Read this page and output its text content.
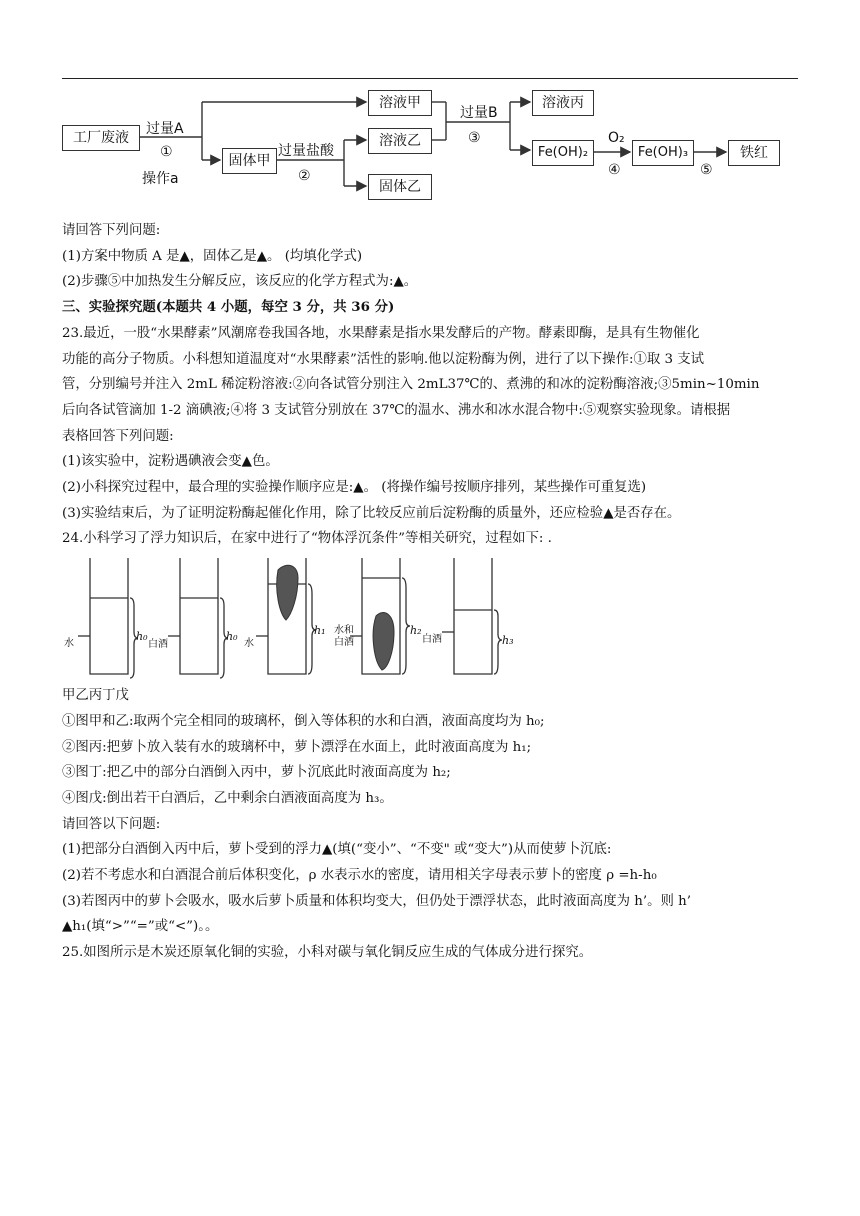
工厂废液
过量A
①
操作a
溶液甲
固体甲
过量盐酸
②
溶液乙
固体乙
过量B
③
溶液丙
Fe(OH)₂
O₂
④
Fe(OH)₃
⑤
铁红

请回答下列问题:

(1)方案中物质 A 是▲，固体乙是▲。 (均填化学式)

(2)步骤⑤中加热发生分解反应，该反应的化学方程式为:▲。

三、实验探究题(本题共 4 小题，每空 3 分，共 36 分)

23.最近，一股“水果酵素”风潮席卷我国各地，水果酵素是指水果发酵后的产物。酵素即酶，是具有生物催化

功能的高分子物质。小科想知道温度对“水果酵素”活性的影响.他以淀粉酶为例，进行了以下操作:①取 3 支试

管，分别编号并注入 2mL 稀淀粉溶液:②向各试管分别注入 2mL37℃的、煮沸的和冰的淀粉酶溶液;③5min~10min

后向各试管滴加 1-2 滴碘液;④将 3 支试管分别放在 37℃的温水、沸水和冰水混合物中:⑤观察实验现象。请根据

表格回答下列问题:

(1)该实验中，淀粉遇碘液会变▲色。

(2)小科探究过程中，最合理的实验操作顺序应是:▲。 (将操作编号按顺序排列，某些操作可重复选)

(3)实验结束后，为了证明淀粉酶起催化作用，除了比较反应前后淀粉酶的质量外，还应检验▲是否存在。

24.小科学习了浮力知识后，在家中进行了“物体浮沉条件”等相关研究，过程如下: .

水
h₀
白酒
h₀
水
h₁ 水和
白酒
h₂
白酒	h₃

甲乙丙丁戊

①图甲和乙:取两个完全相同的玻璃杯，倒入等体积的水和白酒，液面高度均为 h₀;

②图丙:把萝卜放入装有水的玻璃杯中，萝卜漂浮在水面上，此时液面高度为 h₁;

③图丁:把乙中的部分白酒倒入丙中，萝卜沉底此时液面高度为 h₂;

④图戊:倒出若干白酒后，乙中剩余白酒液面高度为 h₃。

请回答以下问题:

(1)把部分白酒倒入丙中后，萝卜受到的浮力▲(填(“变小”、“不变" 或“变大”)从而使萝卜沉底:

(2)若不考虑水和白酒混合前后体积变化，ρ 水表示水的密度，请用相关字母表示萝卜的密度 ρ =h-h₀

(3)若图丙中的萝卜会吸水，吸水后萝卜质量和体积均变大，但仍处于漂浮状态，此时液面高度为 h’。则 h’

▲h₁(填“>”“=”或“<”)。。

25.如图所示是木炭还原氧化铜的实验，小科对碳与氧化铜反应生成的气体成分进行探究。
